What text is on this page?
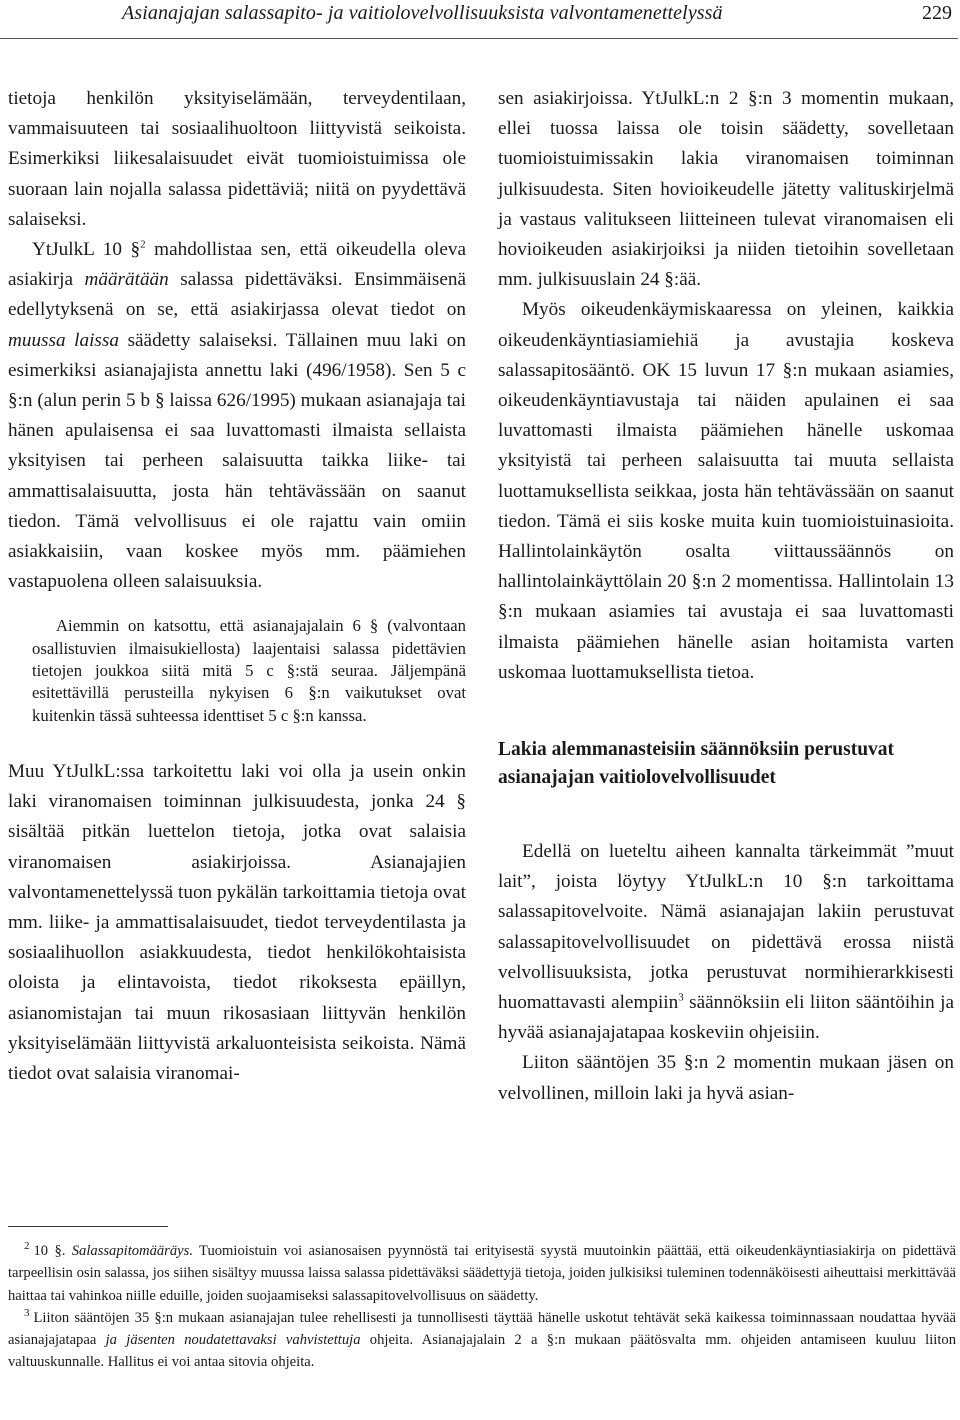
Asianajajan salassapito- ja vaitiolovelvollisuuksista valvontamenettelyssä	229

tietoja henkilön yksityiselämään, terveydentilaan, vammaisuuteen tai sosiaalihuoltoon liittyvistä seikoista. Esimerkiksi liikesalaisuudet eivät tuomioistuimissa ole suoraan lain nojalla salassa pidettäviä; niitä on pyydettävä salaiseksi.

YtJulkL 10 §$^2$ mahdollistaa sen, että oikeudella oleva asiakirja määrätään salassa pidettäväksi. Ensimmäisenä edellytyksenä on se, että asiakirjassa olevat tiedot on muussa laissa säädetty salaiseksi. Tällainen muu laki on esimerkiksi asianajajista annettu laki (496/1958). Sen 5 c §:n (alun perin 5 b § laissa 626/1995) mukaan asianajaja tai hänen apulaisensa ei saa luvattomasti ilmaista sellaista yksityisen tai perheen salaisuutta taikka liike- tai ammattisalaisuutta, josta hän tehtävässään on saanut tiedon. Tämä velvollisuus ei ole rajattu vain omiin asiakkaisiin, vaan koskee myös mm. päämiehen vastapuolena olleen salaisuuksia.

Aiemmin on katsottu, että asianajajalain 6 § (valvontaan osallistuvien ilmaisukiellosta) laajentaisi salassa pidettävien tietojen joukkoa siitä mitä 5 c §:stä seuraa. Jäljempänä esitettävillä perusteilla nykyisen 6 §:n vaikutukset ovat kuitenkin tässä suhteessa identtiset 5 c §:n kanssa.

Muu YtJulkL:ssa tarkoitettu laki voi olla ja usein onkin laki viranomaisen toiminnan julkisuudesta, jonka 24 § sisältää pitkän luettelon tietoja, jotka ovat salaisia viranomaisen asiakirjoissa. Asianajajien valvontamenettelyssä tuon pykälän tarkoittamia tietoja ovat mm. liike- ja ammattisalaisuudet, tiedot terveydentilasta ja sosiaalihuollon asiakkuudesta, tiedot henkilökohtaisista oloista ja elintavoista, tiedot rikoksesta epäillyn, asianomistajan tai muun rikosasiaan liittyvän henkilön yksityiselämään liittyvistä arkaluonteisista seikoista. Nämä tiedot ovat salaisia viranomai-

sen asiakirjoissa. YtJulkL:n 2 §:n 3 momentin mukaan, ellei tuossa laissa ole toisin säädetty, sovelletaan tuomioistuimissakin lakia viranomaisen toiminnan julkisuudesta. Siten hovioikeudelle jätetty valituskirjelmä ja vastaus valitukseen liitteineen tulevat viranomaisen eli hovioikeuden asiakirjoiksi ja niiden tietoihin sovelletaan mm. julkisuuslain 24 §:ää.

Myös oikeudenkäymiskaaressa on yleinen, kaikkia oikeudenkäyntiasiamiehiä ja avustajia koskeva salassapitosääntö. OK 15 luvun 17 §:n mukaan asiamies, oikeudenkäyntiavustaja tai näiden apulainen ei saa luvattomasti ilmaista päämiehen hänelle uskomaa yksityistä tai perheen salaisuutta tai muuta sellaista luottamuksellista seikkaa, josta hän tehtävässään on saanut tiedon. Tämä ei siis koske muita kuin tuomioistuinasioita. Hallintolainkäytön osalta viittaussäännös on hallintolainkäyttölain 20 §:n 2 momentissa. Hallintolain 13 §:n mukaan asiamies tai avustaja ei saa luvattomasti ilmaista päämiehen hänelle asian hoitamista varten uskomaa luottamuksellista tietoa.

Lakia alemmanasteisiin säännöksiin perustuvat asianajajan vaitiolovelvollisuudet

Edellä on lueteltu aiheen kannalta tärkeimmät ”muut lait”, joista löytyy YtJulkL:n 10 §:n tarkoittama salassapitovelvoite. Nämä asianajajan lakiin perustuvat salassapitovelvollisuudet on pidettävä erossa niistä velvollisuuksista, jotka perustuvat normihierarkkisesti huomattavasti alempiin$^3$ säännöksiin eli liiton sääntöihin ja hyvää asianajajatapaa koskeviin ohjeisiin.

Liiton sääntöjen 35 §:n 2 momentin mukaan jäsen on velvollinen, milloin laki ja hyvä asian-

$^2$ 10 §. Salassapitomääräys. Tuomioistuin voi asianosaisen pyynnöstä tai erityisestä syystä muutoinkin päättää, että oikeudenkäyntiasiakirja on pidettävä tarpeellisin osin salassa, jos siihen sisältyy muussa laissa salassa pidettäväksi säädettyjä tietoja, joiden julkisiksi tuleminen todennäköisesti aiheuttaisi merkittävää haittaa tai vahinkoa niille eduille, joiden suojaamiseksi salassapitovelvollisuus on säädetty.

$^3$ Liiton sääntöjen 35 §:n mukaan asianajajan tulee rehellisesti ja tunnollisesti täyttää hänelle uskotut tehtävät sekä kaikessa toiminnassaan noudattaa hyvää asianajajatapaa ja jäsenten noudatettavaksi vahvistettuja ohjeita. Asianajajalain 2 a §:n mukaan päätösvalta mm. ohjeiden antamiseen kuuluu liiton valtuuskunnalle. Hallitus ei voi antaa sitovia ohjeita.
